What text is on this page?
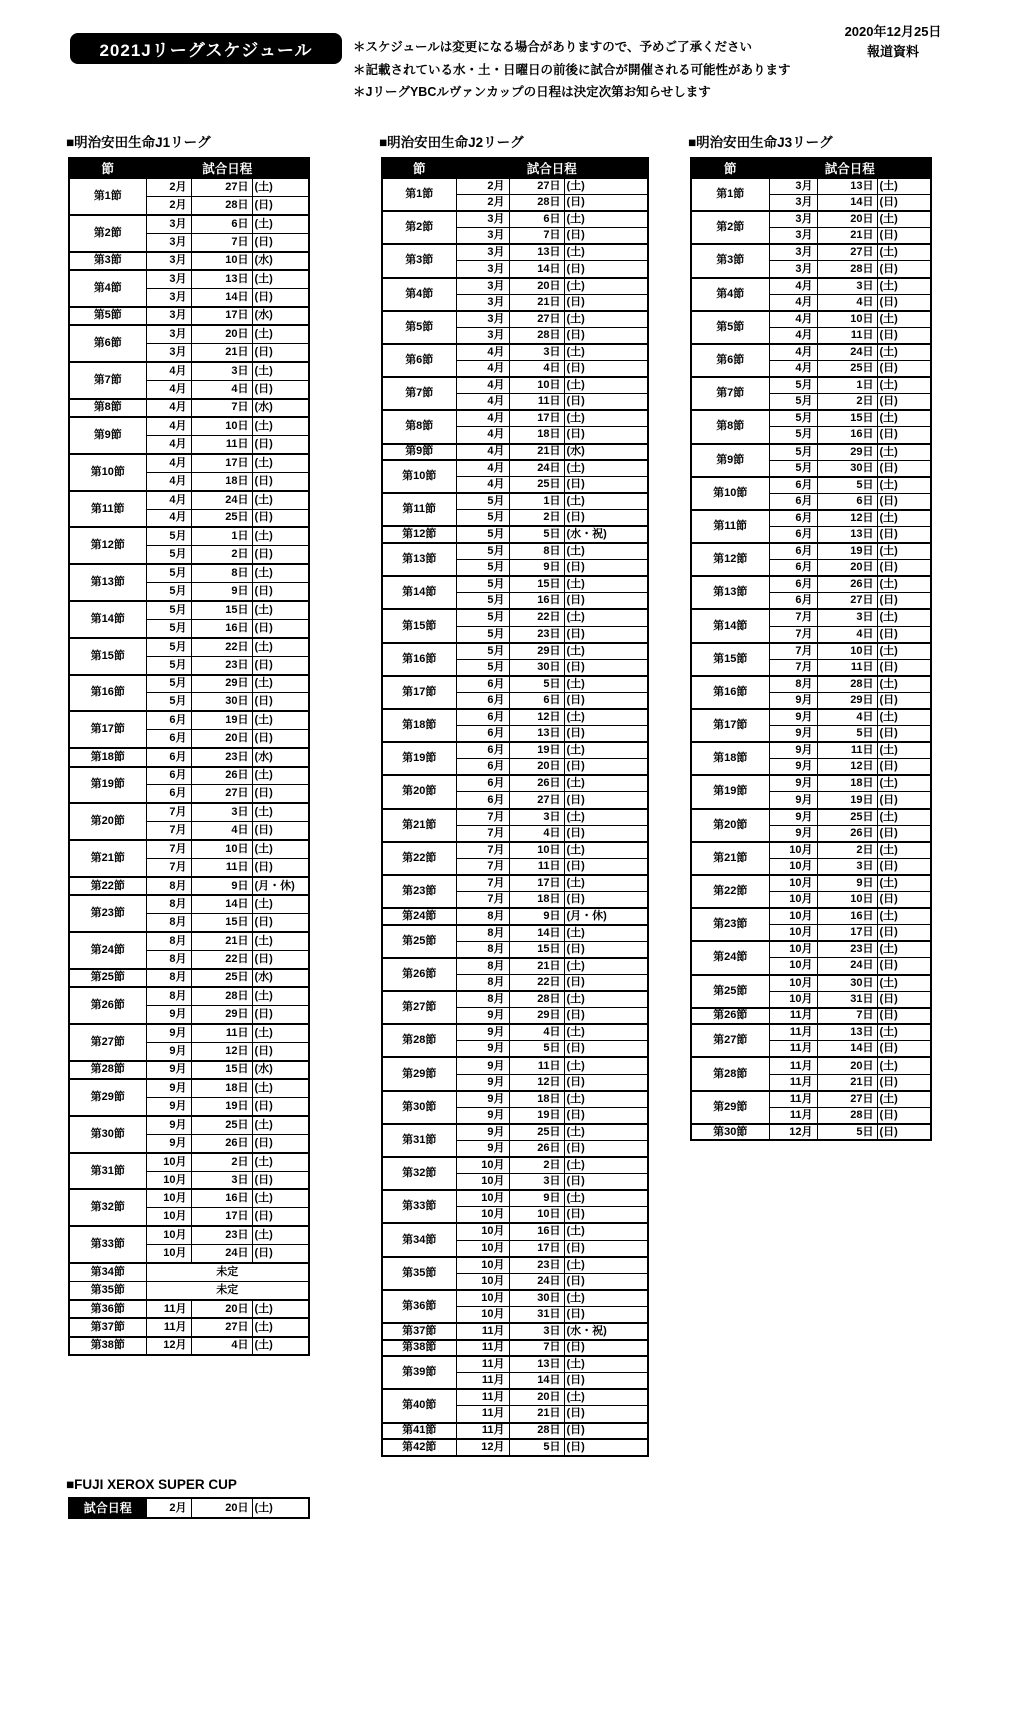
2021Jリーグスケジュール	＊スケジュールは変更になる場合がありますので、予めご了承ください
＊記載されている水・土・日曜日の前後に試合が開催される可能性があります
＊JリーグYBCルヴァンカップの日程は決定次第お知らせします
2020年12月25日
報道資料
■明治安田生命J1リーグ	■明治安田生命J2リーグ	■明治安田生命J3リーグ
節	試合日程		
第1節	2月	27日	(土)
	2月	28日	(日)
第2節	3月	6日	(土)
	3月	7日	(日)
第3節	3月	10日	(水)
第4節	3月	13日	(土)
	3月	14日	(日)
第5節	3月	17日	(水)
第6節	3月	20日	(土)
	3月	21日	(日)
第7節	4月	3日	(土)
	4月	4日	(日)
第8節	4月	7日	(水)
第9節	4月	10日	(土)
	4月	11日	(日)
第10節	4月	17日	(土)
	4月	18日	(日)
第11節	4月	24日	(土)
	4月	25日	(日)
第12節	5月	1日	(土)
	5月	2日	(日)
第13節	5月	8日	(土)
	5月	9日	(日)
第14節	5月	15日	(土)
	5月	16日	(日)
第15節	5月	22日	(土)
	5月	23日	(日)
第16節	5月	29日	(土)
	5月	30日	(日)
第17節	6月	19日	(土)
	6月	20日	(日)
第18節	6月	23日	(水)
第19節	6月	26日	(土)
	6月	27日	(日)
第20節	7月	3日	(土)
	7月	4日	(日)
第21節	7月	10日	(土)
	7月	11日	(日)
第22節	8月	9日	(月・休)
第23節	8月	14日	(土)
	8月	15日	(日)
第24節	8月	21日	(土)
	8月	22日	(日)
第25節	8月	25日	(水)
第26節	8月	28日	(土)
	9月	29日	(日)
第27節	9月	11日	(土)
	9月	12日	(日)
第28節	9月	15日	(水)
第29節	9月	18日	(土)
	9月	19日	(日)
第30節	9月	25日	(土)
	9月	26日	(日)
第31節	10月	2日	(土)
	10月	3日	(日)
第32節	10月	16日	(土)
	10月	17日	(日)
第33節	10月	23日	(土)
	10月	24日	(日)
第34節	未定		
第35節	未定		
第36節	11月	20日	(土)
第37節	11月	27日	(土)
第38節	12月	4日	(土)
節	試合日程		
第1節	2月	27日	(土)
	2月	28日	(日)
第2節	3月	6日	(土)
	3月	7日	(日)
第3節	3月	13日	(土)
	3月	14日	(日)
第4節	3月	20日	(土)
	3月	21日	(日)
第5節	3月	27日	(土)
	3月	28日	(日)
第6節	4月	3日	(土)
	4月	4日	(日)
第7節	4月	10日	(土)
	4月	11日	(日)
第8節	4月	17日	(土)
	4月	18日	(日)
第9節	4月	21日	(水)
第10節	4月	24日	(土)
	4月	25日	(日)
第11節	5月	1日	(土)
	5月	2日	(日)
第12節	5月	5日	(水・祝)
第13節	5月	8日	(土)
	5月	9日	(日)
第14節	5月	15日	(土)
	5月	16日	(日)
第15節	5月	22日	(土)
	5月	23日	(日)
第16節	5月	29日	(土)
	5月	30日	(日)
第17節	6月	5日	(土)
	6月	6日	(日)
第18節	6月	12日	(土)
	6月	13日	(日)
第19節	6月	19日	(土)
	6月	20日	(日)
第20節	6月	26日	(土)
	6月	27日	(日)
第21節	7月	3日	(土)
	7月	4日	(日)
第22節	7月	10日	(土)
	7月	11日	(日)
第23節	7月	17日	(土)
	7月	18日	(日)
第24節	8月	9日	(月・休)
第25節	8月	14日	(土)
	8月	15日	(日)
第26節	8月	21日	(土)
	8月	22日	(日)
第27節	8月	28日	(土)
	9月	29日	(日)
第28節	9月	4日	(土)
	9月	5日	(日)
第29節	9月	11日	(土)
	9月	12日	(日)
第30節	9月	18日	(土)
	9月	19日	(日)
第31節	9月	25日	(土)
	9月	26日	(日)
第32節	10月	2日	(土)
	10月	3日	(日)
第33節	10月	9日	(土)
	10月	10日	(日)
第34節	10月	16日	(土)
	10月	17日	(日)
第35節	10月	23日	(土)
	10月	24日	(日)
第36節	10月	30日	(土)
	10月	31日	(日)
第37節	11月	3日	(水・祝)
第38節	11月	7日	(日)
第39節	11月	13日	(土)
	11月	14日	(日)
第40節	11月	20日	(土)
	11月	21日	(日)
第41節	11月	28日	(日)
第42節	12月	5日	(日)
節	試合日程		
第1節	3月	13日	(土)
	3月	14日	(日)
第2節	3月	20日	(土)
	3月	21日	(日)
第3節	3月	27日	(土)
	3月	28日	(日)
第4節	4月	3日	(土)
	4月	4日	(日)
第5節	4月	10日	(土)
	4月	11日	(日)
第6節	4月	24日	(土)
	4月	25日	(日)
第7節	5月	1日	(土)
	5月	2日	(日)
第8節	5月	15日	(土)
	5月	16日	(日)
第9節	5月	29日	(土)
	5月	30日	(日)
第10節	6月	5日	(土)
	6月	6日	(日)
第11節	6月	12日	(土)
	6月	13日	(日)
第12節	6月	19日	(土)
	6月	20日	(日)
第13節	6月	26日	(土)
	6月	27日	(日)
第14節	7月	3日	(土)
	7月	4日	(日)
第15節	7月	10日	(土)
	7月	11日	(日)
第16節	8月	28日	(土)
	9月	29日	(日)
第17節	9月	4日	(土)
	9月	5日	(日)
第18節	9月	11日	(土)
	9月	12日	(日)
第19節	9月	18日	(土)
	9月	19日	(日)
第20節	9月	25日	(土)
	9月	26日	(日)
第21節	10月	2日	(土)
	10月	3日	(日)
第22節	10月	9日	(土)
	10月	10日	(日)
第23節	10月	16日	(土)
	10月	17日	(日)
第24節	10月	23日	(土)
	10月	24日	(日)
第25節	10月	30日	(土)
	10月	31日	(日)
第26節	11月	7日	(日)
第27節	11月	13日	(土)
	11月	14日	(日)
第28節	11月	20日	(土)
	11月	21日	(日)
第29節	11月	27日	(土)
	11月	28日	(日)
第30節	12月	5日	(日)
■FUJI XEROX SUPER CUP
試合日程	2月	20日	(土)
